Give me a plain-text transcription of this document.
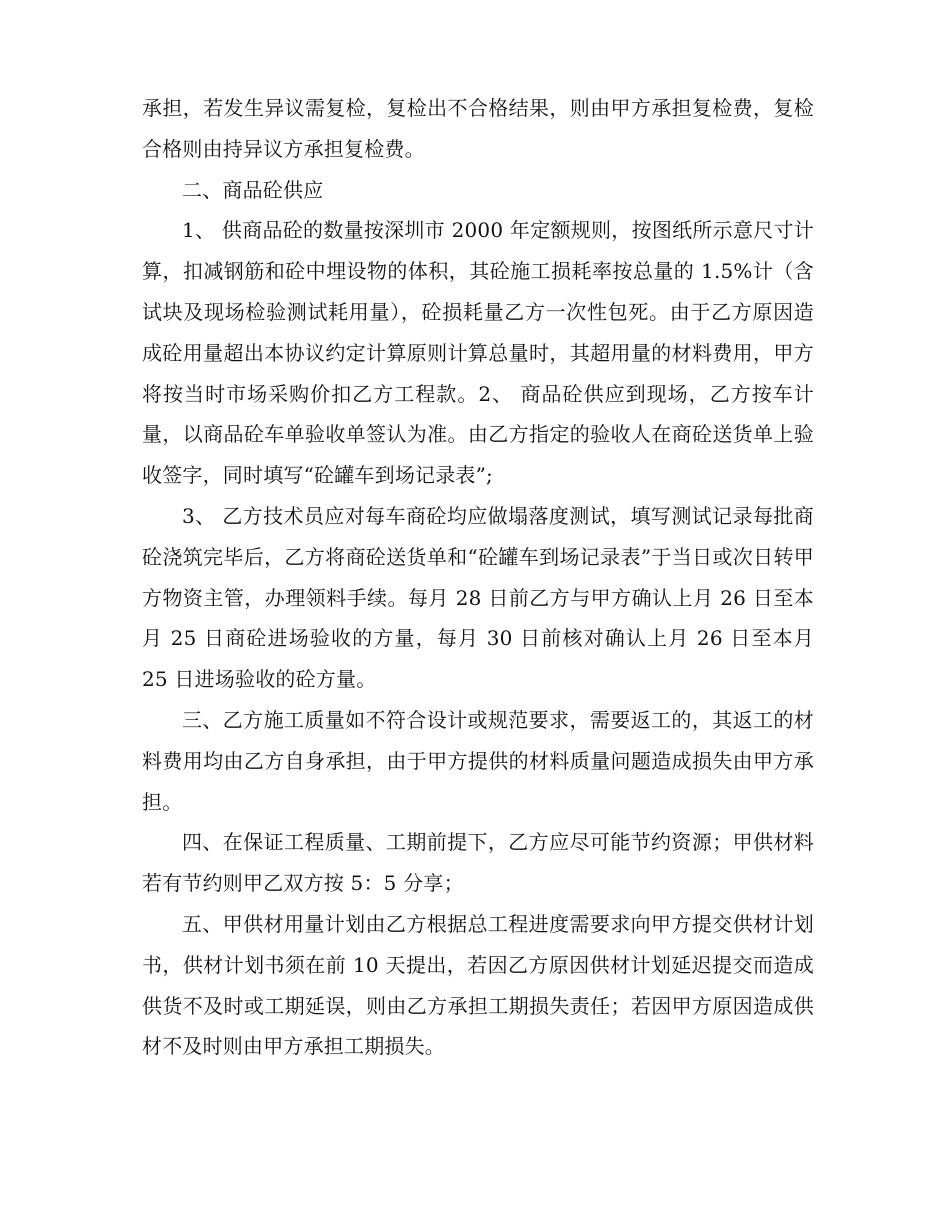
承担，若发生异议需复检，复检出不合格结果，则由甲方承担复检费，复检合格则由持异议方承担复检费。

二、商品砼供应

1、 供商品砼的数量按深圳市 2000 年定额规则，按图纸所示意尺寸计算，扣减钢筋和砼中埋设物的体积，其砼施工损耗率按总量的 1.5%计（含试块及现场检验测试耗用量），砼损耗量乙方一次性包死。由于乙方原因造成砼用量超出本协议约定计算原则计算总量时，其超用量的材料费用，甲方将按当时市场采购价扣乙方工程款。2、 商品砼供应到现场，乙方按车计量，以商品砼车单验收单签认为准。由乙方指定的验收人在商砼送货单上验收签字，同时填写“砼罐车到场记录表”;

3、 乙方技术员应对每车商砼均应做塌落度测试，填写测试记录每批商砼浇筑完毕后，乙方将商砼送货单和“砼罐车到场记录表”于当日或次日转甲方物资主管，办理领料手续。每月 28 日前乙方与甲方确认上月 26 日至本月 25 日商砼进场验收的方量，每月 30 日前核对确认上月 26 日至本月 25 日进场验收的砼方量。

三、乙方施工质量如不符合设计或规范要求，需要返工的，其返工的材料费用均由乙方自身承担，由于甲方提供的材料质量问题造成损失由甲方承担。

四、在保证工程质量、工期前提下，乙方应尽可能节约资源；甲供材料若有节约则甲乙双方按 5：5 分享；

五、甲供材用量计划由乙方根据总工程进度需要求向甲方提交供材计划书，供材计划书须在前 10 天提出，若因乙方原因供材计划延迟提交而造成供货不及时或工期延误，则由乙方承担工期损失责任；若因甲方原因造成供材不及时则由甲方承担工期损失。
